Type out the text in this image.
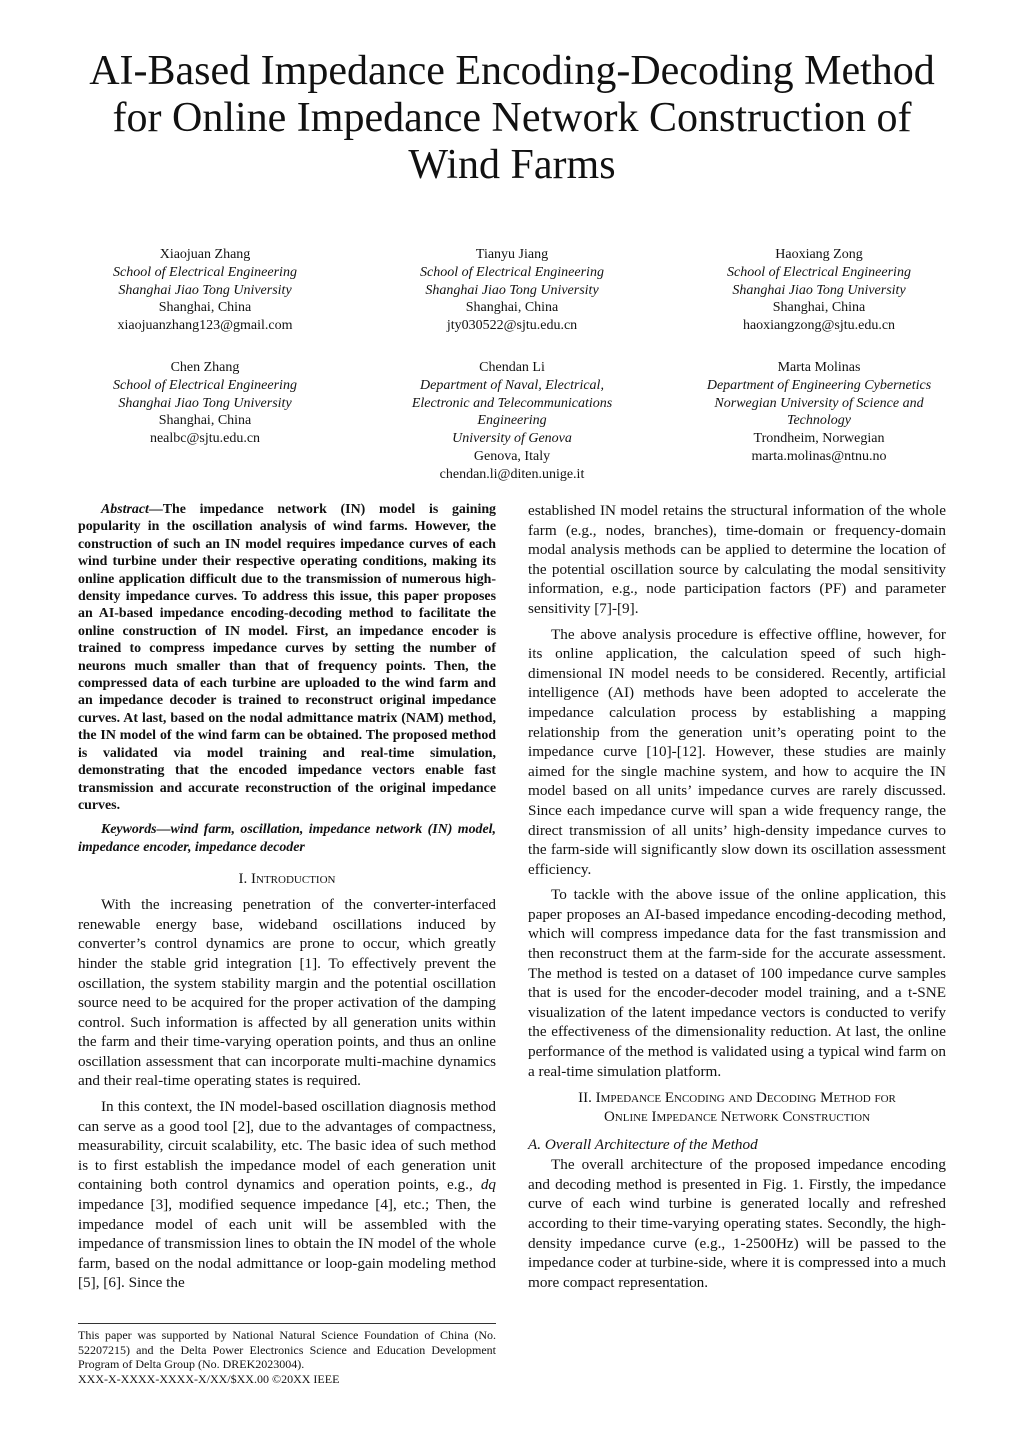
AI-Based Impedance Encoding-Decoding Method
for Online Impedance Network Construction of
Wind Farms
Xiaojuan Zhang
School of Electrical Engineering
Shanghai Jiao Tong University
Shanghai, China
xiaojuanzhang123@gmail.com
Tianyu Jiang
School of Electrical Engineering
Shanghai Jiao Tong University
Shanghai, China
jty030522@sjtu.edu.cn
Haoxiang Zong
School of Electrical Engineering
Shanghai Jiao Tong University
Shanghai, China
haoxiangzong@sjtu.edu.cn
Chen Zhang
School of Electrical Engineering
Shanghai Jiao Tong University
Shanghai, China
nealbc@sjtu.edu.cn
Chendan Li
Department of Naval, Electrical,
Electronic and Telecommunications
Engineering
University of Genova
Genova, Italy
chendan.li@diten.unige.it
Marta Molinas
Department of Engineering Cybernetics
Norwegian University of Science and
Technology
Trondheim, Norwegian
marta.molinas@ntnu.no

Abstract—The impedance network (IN) model is gaining popularity in the oscillation analysis of wind farms. However, the construction of such an IN model requires impedance curves of each wind turbine under their respective operating conditions, making its online application difficult due to the transmission of numerous high-density impedance curves. To address this issue, this paper proposes an AI-based impedance encoding-decoding method to facilitate the online construction of IN model. First, an impedance encoder is trained to compress impedance curves by setting the number of neurons much smaller than that of frequency points. Then, the compressed data of each turbine are uploaded to the wind farm and an impedance decoder is trained to reconstruct original impedance curves. At last, based on the nodal admittance matrix (NAM) method, the IN model of the wind farm can be obtained. The proposed method is validated via model training and real-time simulation, demonstrating that the encoded impedance vectors enable fast transmission and accurate reconstruction of the original impedance curves.

Keywords—wind farm, oscillation, impedance network (IN) model, impedance encoder, impedance decoder

I. Introduction

With the increasing penetration of the converter-interfaced renewable energy base, wideband oscillations induced by converter’s control dynamics are prone to occur, which greatly hinder the stable grid integration [1]. To effectively prevent the oscillation, the system stability margin and the potential oscillation source need to be acquired for the proper activation of the damping control. Such information is affected by all generation units within the farm and their time-varying operation points, and thus an online oscillation assessment that can incorporate multi-machine dynamics and their real-time operating states is required.

In this context, the IN model-based oscillation diagnosis method can serve as a good tool [2], due to the advantages of compactness, measurability, circuit scalability, etc. The basic idea of such method is to first establish the impedance model of each generation unit containing both control dynamics and operation points, e.g., dq impedance [3], modified sequence impedance [4], etc.; Then, the impedance model of each unit will be assembled with the impedance of transmission lines to obtain the IN model of the whole farm, based on the nodal admittance or loop-gain modeling method [5], [6]. Since the

established IN model retains the structural information of the whole farm (e.g., nodes, branches), time-domain or frequency-domain modal analysis methods can be applied to determine the location of the potential oscillation source by calculating the modal sensitivity information, e.g., node participation factors (PF) and parameter sensitivity [7]-[9].

The above analysis procedure is effective offline, however, for its online application, the calculation speed of such high-dimensional IN model needs to be considered. Recently, artificial intelligence (AI) methods have been adopted to accelerate the impedance calculation process by establishing a mapping relationship from the generation unit’s operating point to the impedance curve [10]-[12]. However, these studies are mainly aimed for the single machine system, and how to acquire the IN model based on all units’ impedance curves are rarely discussed. Since each impedance curve will span a wide frequency range, the direct transmission of all units’ high-density impedance curves to the farm-side will significantly slow down its oscillation assessment efficiency.

To tackle with the above issue of the online application, this paper proposes an AI-based impedance encoding-decoding method, which will compress impedance data for the fast transmission and then reconstruct them at the farm-side for the accurate assessment. The method is tested on a dataset of 100 impedance curve samples that is used for the encoder-decoder model training, and a t-SNE visualization of the latent impedance vectors is conducted to verify the effectiveness of the dimensionality reduction. At last, the online performance of the method is validated using a typical wind farm on a real-time simulation platform.

II. Impedance Encoding and Decoding Method for
Online Impedance Network Construction
A. Overall Architecture of the Method

The overall architecture of the proposed impedance encoding and decoding method is presented in Fig. 1. Firstly, the impedance curve of each wind turbine is generated locally and refreshed according to their time-varying operating states. Secondly, the high-density impedance curve (e.g., 1-2500Hz) will be passed to the impedance coder at turbine-side, where it is compressed into a much more compact representation.

This paper was supported by National Natural Science Foundation of China (No. 52207215) and the Delta Power Electronics Science and Education Development Program of Delta Group (No. DREK2023004).

XXX-X-XXXX-XXXX-X/XX/$XX.00 ©20XX IEEE
